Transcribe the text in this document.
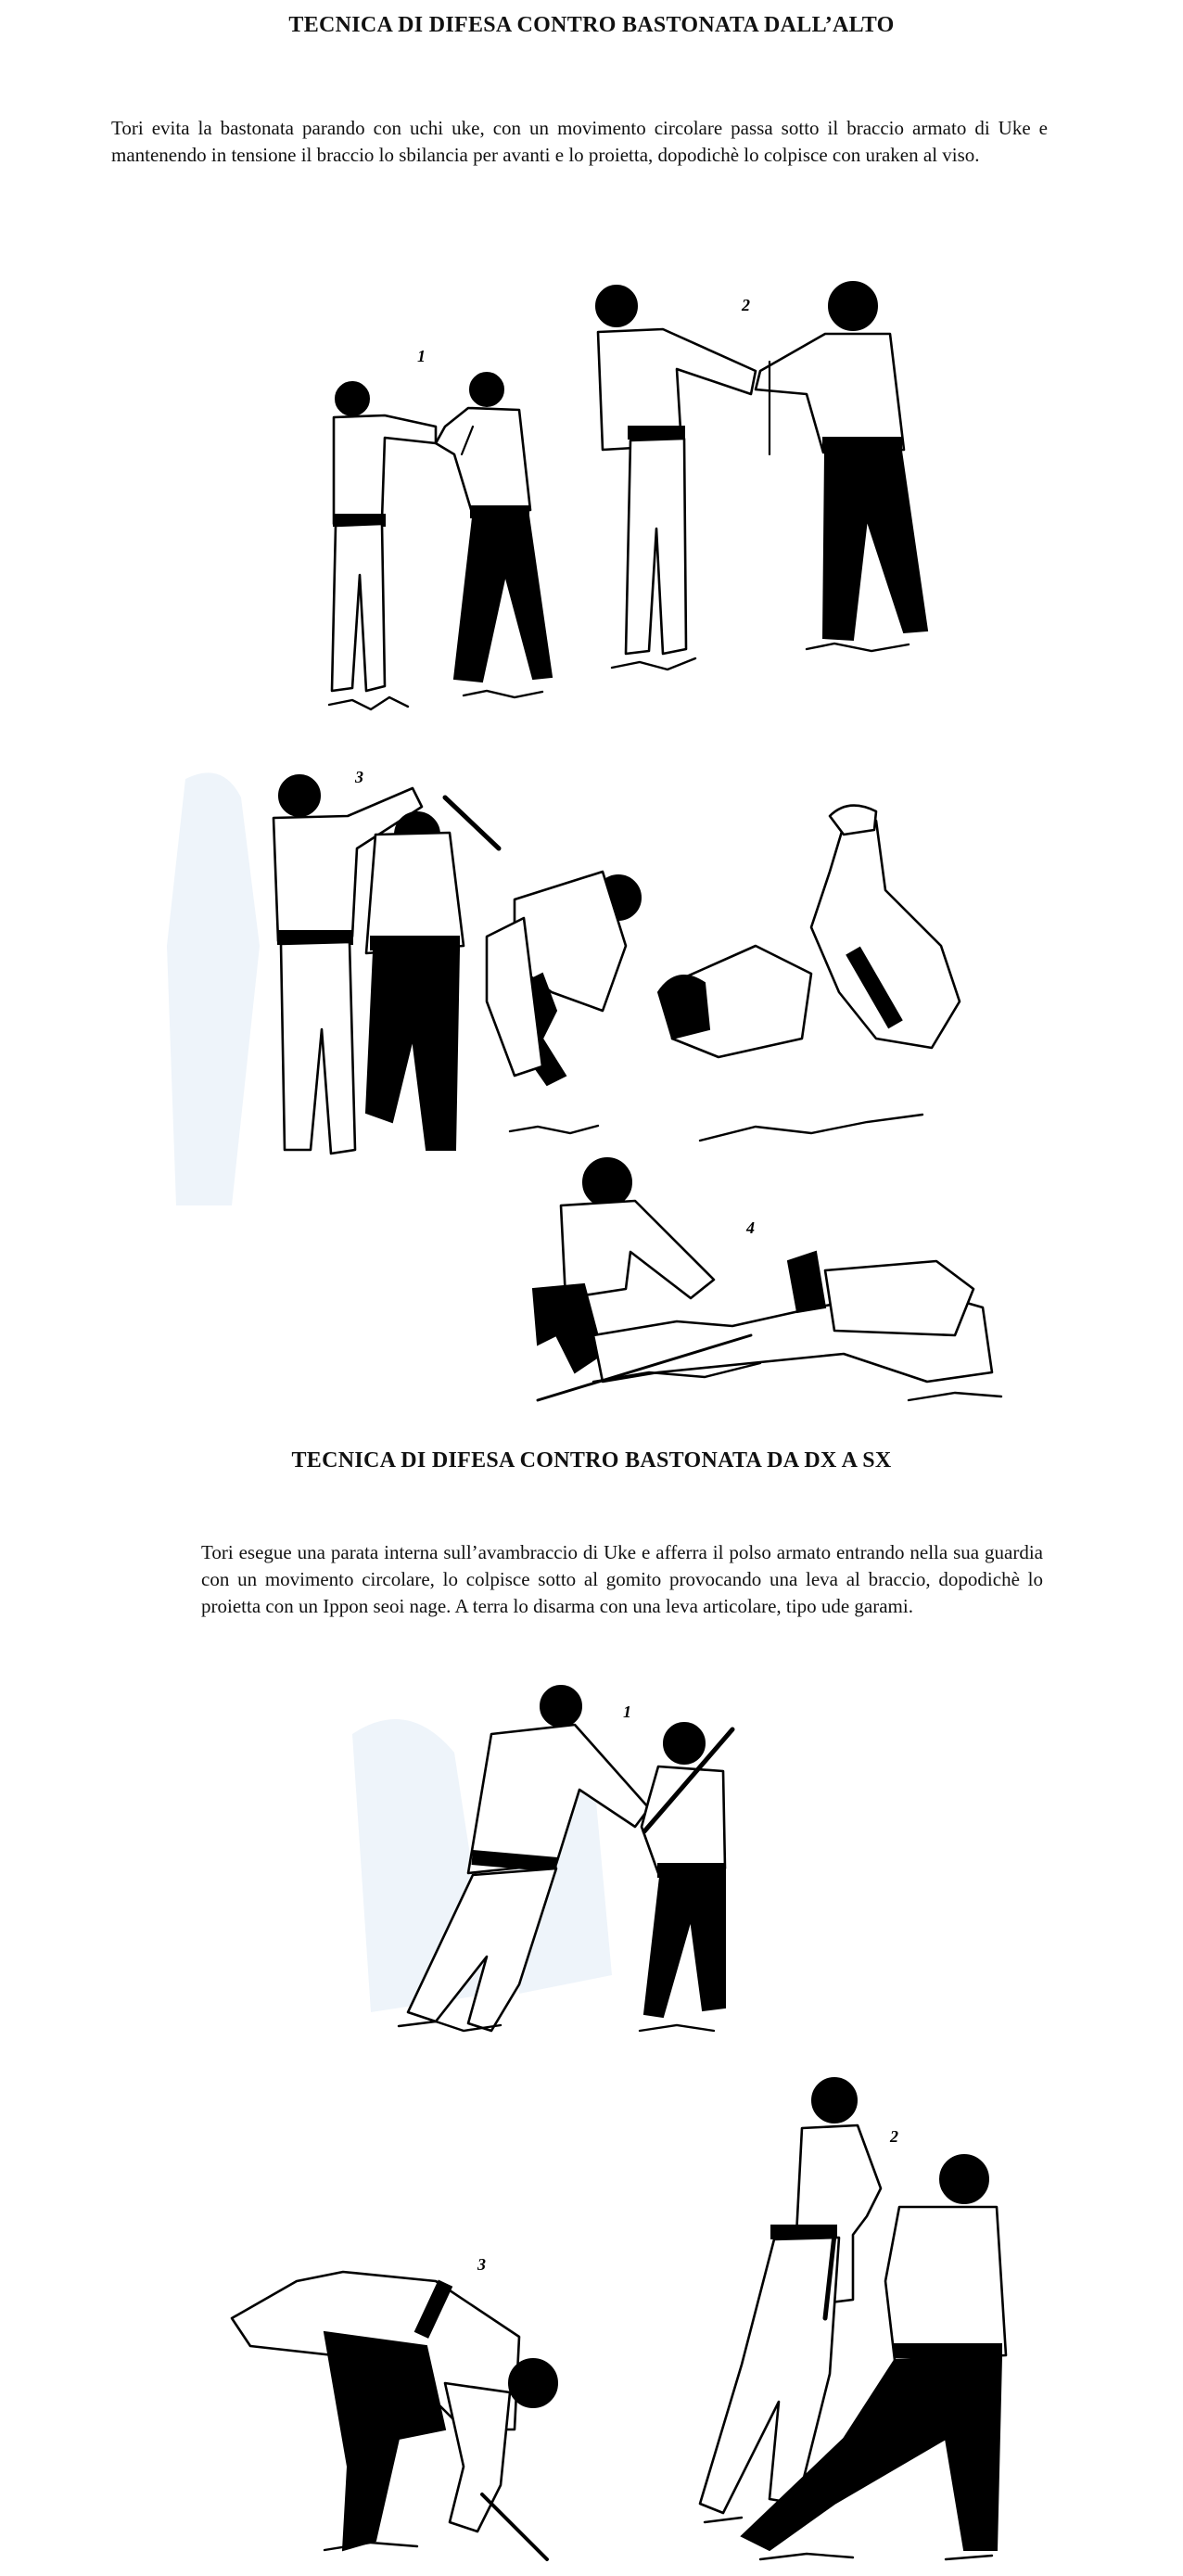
TECNICA DI DIFESA CONTRO BASTONATA DALL’ALTO

Tori evita la bastonata parando con uchi uke, con un movimento circolare passa sotto il braccio armato di Uke e mantenendo in tensione il braccio lo sbilancia per avanti e lo proietta, dopodichè lo colpisce con uraken al viso.

1
2
3
4
TECNICA DI DIFESA CONTRO BASTONATA DA DX A SX

Tori esegue una parata interna sull’avambraccio di Uke e afferra il polso armato entrando nella sua guardia con un movimento circolare, lo colpisce sotto al gomito provocando una leva al braccio, dopodichè lo proietta con un Ippon seoi nage. A terra lo disarma con una leva articolare, tipo ude garami.

1
2
3
